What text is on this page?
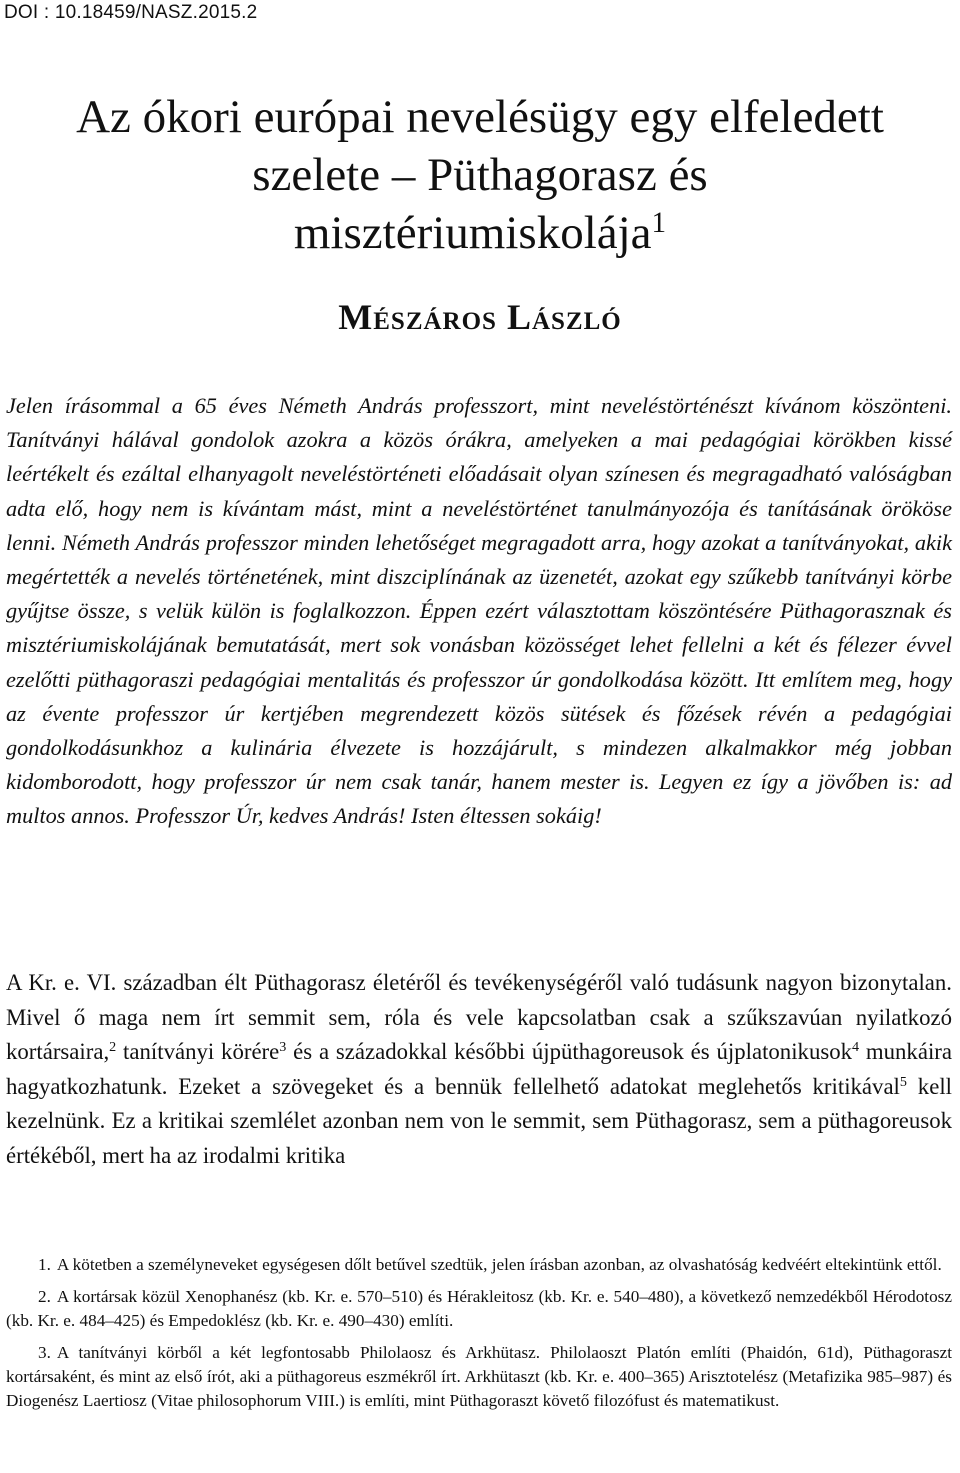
DOI : 10.18459/NASZ.2015.2
Az ókori európai nevelésügy egy elfeledett
szelete – Püthagorasz és
misztériumiskolája$^1$
Mészáros László

Jelen írásommal a 65 éves Németh András professzort, mint neveléstörténészt kívánom köszönteni. Tanítványi hálával gondolok azokra a közös órákra, amelyeken a mai pedagógiai körökben kissé leértékelt és ezáltal elhanyagolt neveléstörténeti előadásait olyan színesen és megragadható valóságban adta elő, hogy nem is kívántam mást, mint a neveléstörténet tanulmányozója és tanításának örököse lenni. Németh András professzor minden lehetőséget megragadott arra, hogy azokat a tanítványokat, akik megértették a nevelés történetének, mint diszciplínának az üzenetét, azokat egy szűkebb tanítványi körbe gyűjtse össze, s velük külön is foglalkozzon. Éppen ezért választottam köszöntésére Püthagorasznak és misztériumiskolájának bemutatását, mert sok vonásban közösséget lehet fellelni a két és félezer évvel ezelőtti püthagoraszi pedagógiai mentalitás és professzor úr gondolkodása között. Itt említem meg, hogy az évente professzor úr kertjében megrendezett közös sütések és főzések révén a pedagógiai gondolkodásunkhoz a kulinária élvezete is hozzájárult, s mindezen alkalmakkor még jobban kidomborodott, hogy professzor úr nem csak tanár, hanem mester is. Legyen ez így a jövőben is: ad multos annos. Professzor Úr, kedves András! Isten éltessen sokáig!

A Kr. e. VI. században élt Püthagorasz életéről és tevékenységéről való tudásunk nagyon bizonytalan. Mivel ő maga nem írt semmit sem, róla és vele kapcsolatban csak a szűkszavúan nyilatkozó kortársaira,$^2$ tanítványi körére$^3$ és a századokkal későbbi újpüthagoreusok és újplatonikusok$^4$ munkáira hagyatkozhatunk. Ezeket a szövegeket és a bennük fellelhető adatokat meglehetős kritikával$^5$ kell kezelnünk. Ez a kritikai szemlélet azonban nem von le semmit, sem Püthagorasz, sem a püthagoreusok értékéből, mert ha az irodalmi kritika

1. A kötetben a személyneveket egységesen dőlt betűvel szedtük, jelen írásban azonban, az olvashatóság kedvéért eltekintünk ettől.

2. A kortársak közül Xenophanész (kb. Kr. e. 570–510) és Hérakleitosz (kb. Kr. e. 540–480), a következő nemzedékből Hérodotosz (kb. Kr. e. 484–425) és Empedoklész (kb. Kr. e. 490–430) említi.

3. A tanítványi körből a két legfontosabb Philolaosz és Arkhütasz. Philolaoszt Platón említi (Phaidón, 61d), Püthagoraszt kortársaként, és mint az első írót, aki a püthagoreus eszmékről írt. Arkhütaszt (kb. Kr. e. 400–365) Arisztotelész (Metafizika 985–987) és Diogenész Laertiosz (Vitae philosophorum VIII.) is említi, mint Püthagoraszt követő filozófust és matematikust.
